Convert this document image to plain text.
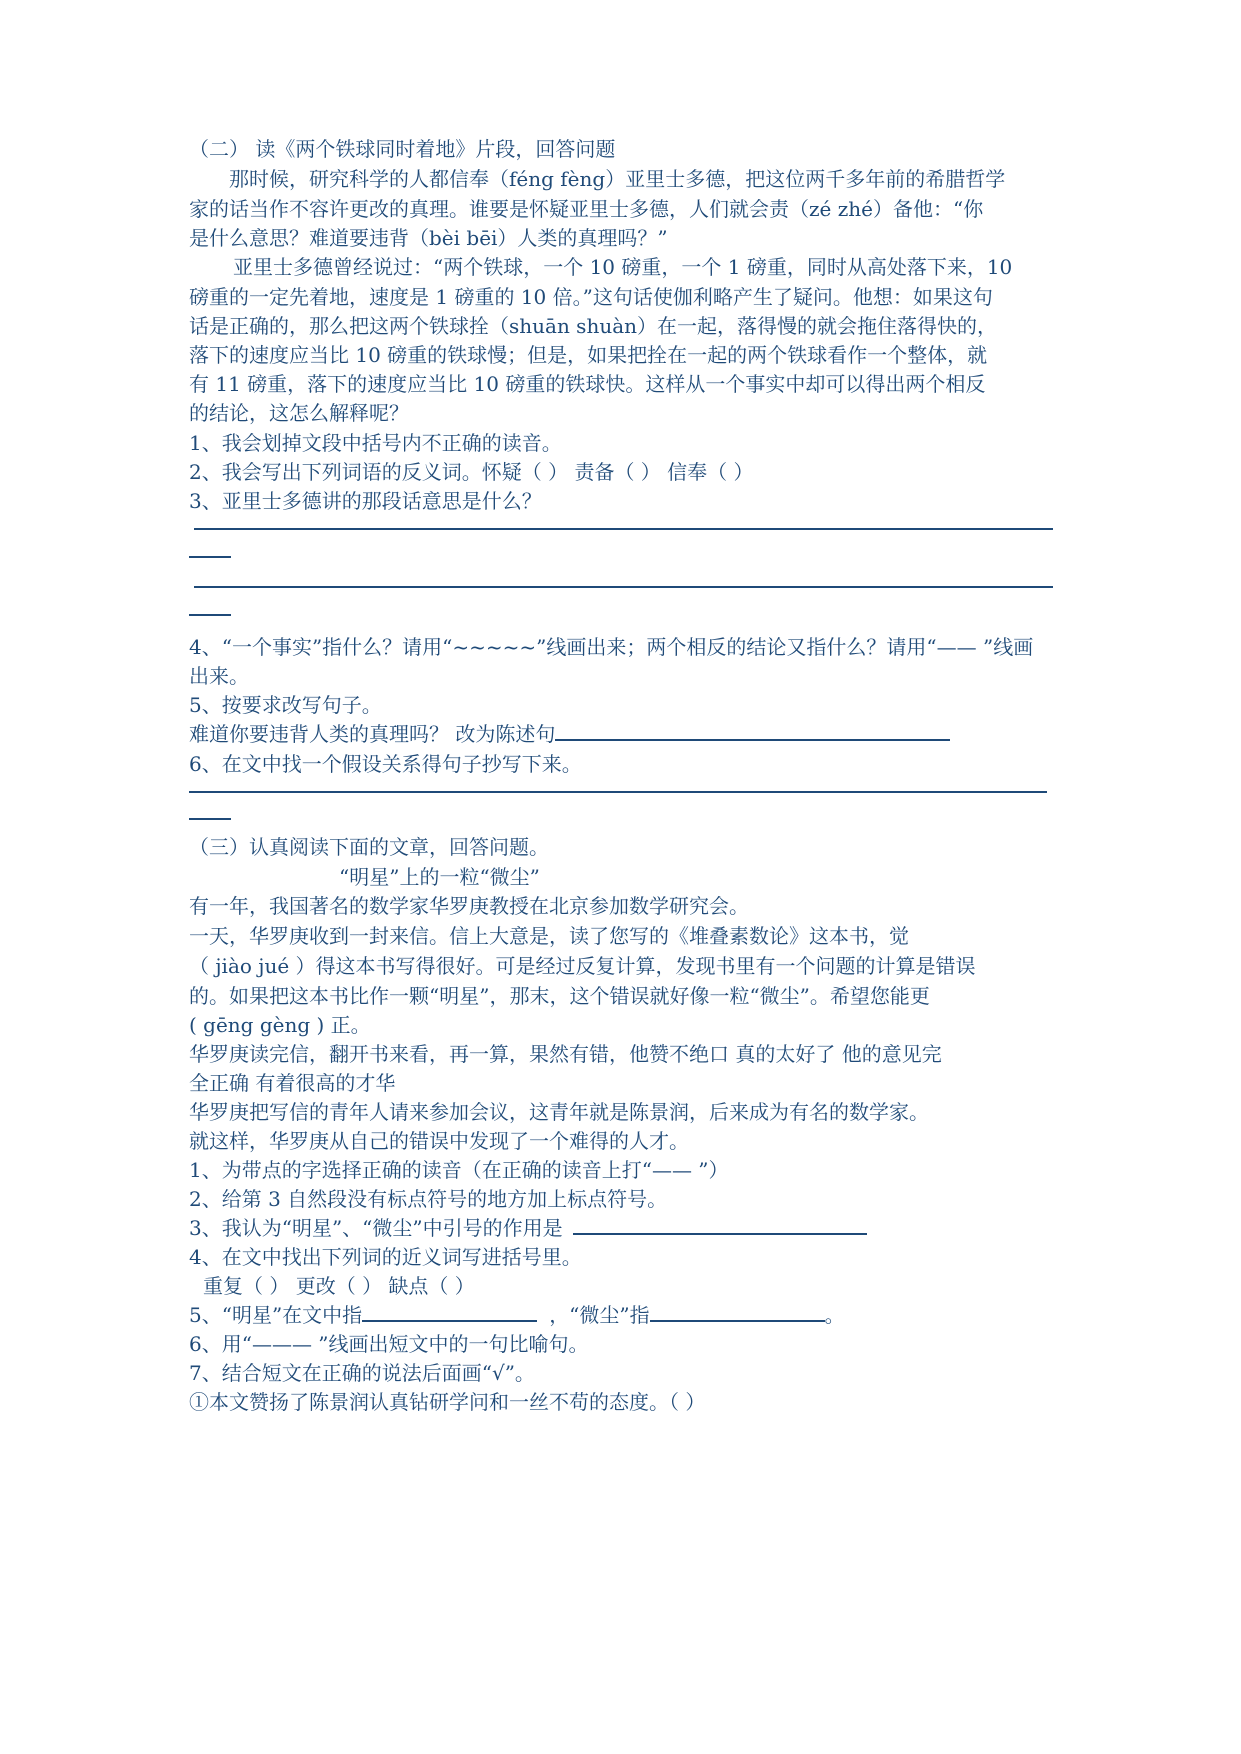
（二） 读《两个铁球同时着地》片段，回答问题
那时候，研究科学的人都信奉（féng fèng）亚里士多德，把这位两千多年前的希腊哲学
家的话当作不容许更改的真理。谁要是怀疑亚里士多德，人们就会责（zé zhé）备他：“你
是什么意思？难道要违背（bèi bēi）人类的真理吗？”
亚里士多德曾经说过：“两个铁球，一个 10 磅重，一个 1 磅重，同时从高处落下来，10
磅重的一定先着地，速度是 1 磅重的 10 倍。”这句话使伽利略产生了疑问。他想：如果这句
话是正确的，那么把这两个铁球拴（shuān shuàn）在一起，落得慢的就会拖住落得快的，
落下的速度应当比 10 磅重的铁球慢；但是，如果把拴在一起的两个铁球看作一个整体，就
有 11 磅重，落下的速度应当比 10 磅重的铁球快。这样从一个事实中却可以得出两个相反
的结论，这怎么解释呢？
1、我会划掉文段中括号内不正确的读音。
2、我会写出下列词语的反义词。怀疑（ ） 责备（ ） 信奉（ ）
3、亚里士多德讲的那段话意思是什么？
4、“一个事实”指什么？请用“~~~~~”线画出来；两个相反的结论又指什么？请用“—— ”线画
出来。
5、按要求改写句子。
难道你要违背人类的真理吗？ 改为陈述句
6、在文中找一个假设关系得句子抄写下来。
（三）认真阅读下面的文章，回答问题。
“明星”上的一粒“微尘”
有一年，我国著名的数学家华罗庚教授在北京参加数学研究会。
一天，华罗庚收到一封来信。信上大意是，读了您写的《堆叠素数论》这本书，觉
（ jiào jué ）得这本书写得很好。可是经过反复计算，发现书里有一个问题的计算是错误
的。如果把这本书比作一颗“明星”，那末，这个错误就好像一粒“微尘”。希望您能更
( gēng gèng ) 正。
华罗庚读完信，翻开书来看，再一算，果然有错，他赞不绝口 真的太好了 他的意见完
全正确 有着很高的才华
华罗庚把写信的青年人请来参加会议，这青年就是陈景润，后来成为有名的数学家。
就这样，华罗庚从自己的错误中发现了一个难得的人才。
1、为带点的字选择正确的读音（在正确的读音上打“—— ”）
2、给第 3 自然段没有标点符号的地方加上标点符号。
3、我认为“明星”、“微尘”中引号的作用是
4、在文中找出下列词的近义词写进括号里。
重复（ ） 更改（ ） 缺点（ ）
5、“明星”在文中指	，“微尘”指	。
6、用“——— ”线画出短文中的一句比喻句。
7、结合短文在正确的说法后面画“√”。
①本文赞扬了陈景润认真钻研学问和一丝不苟的态度。（ ）
